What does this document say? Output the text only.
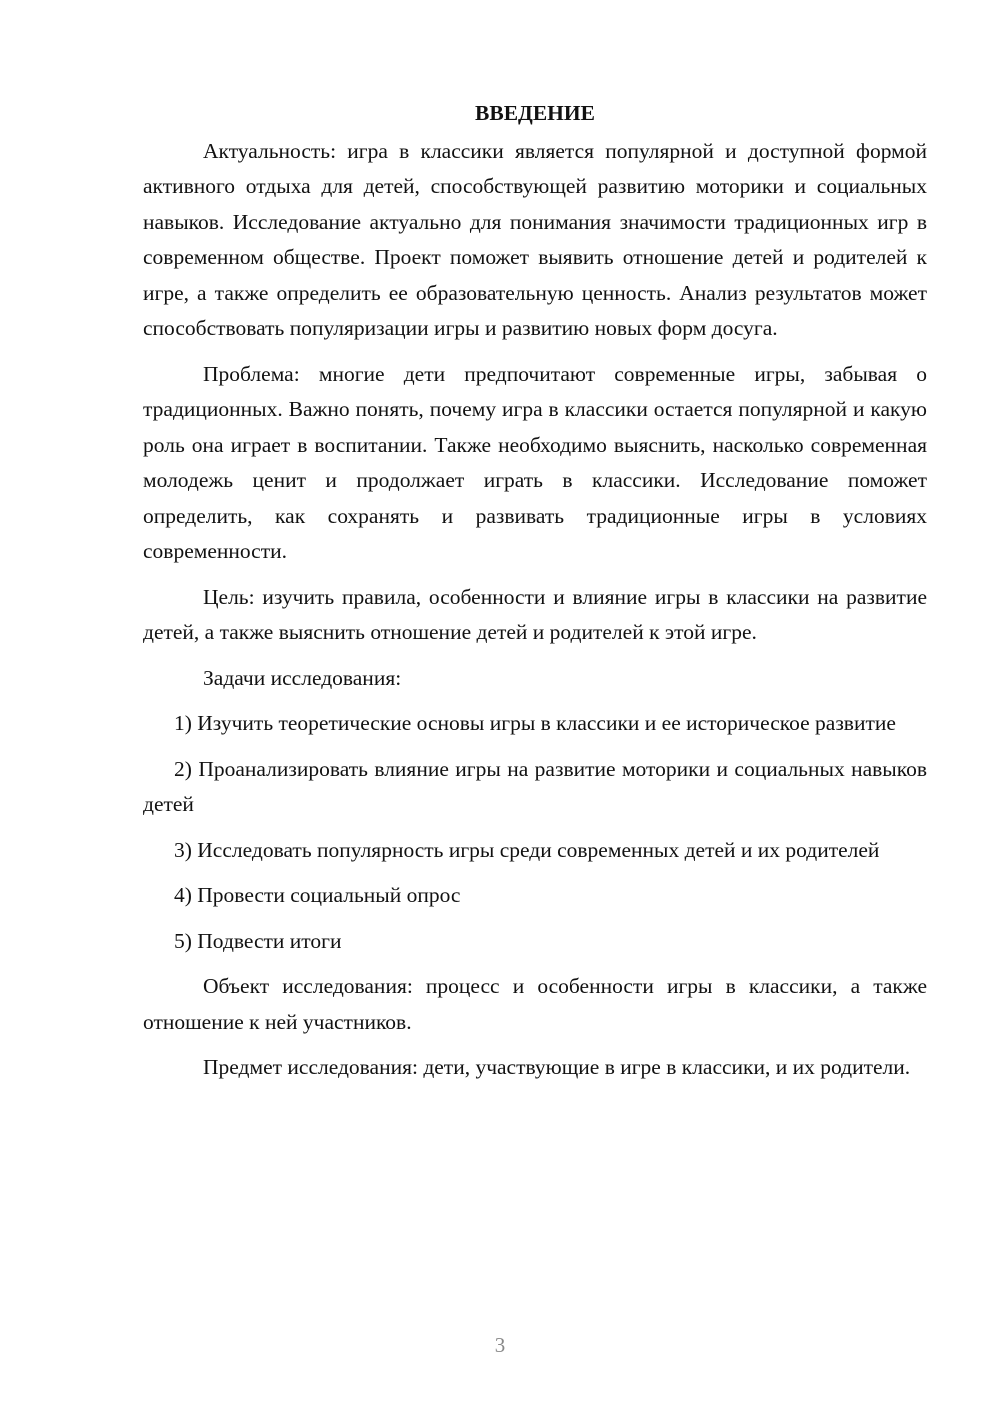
ВВЕДЕНИЕ

Актуальность: игра в классики является популярной и доступной формой активного отдыха для детей, способствующей развитию моторики и социальных навыков. Исследование актуально для понимания значимости традиционных игр в современном обществе. Проект поможет выявить отношение детей и родителей к игре, а также определить ее образовательную ценность. Анализ результатов может способствовать популяризации игры и развитию новых форм досуга.

Проблема: многие дети предпочитают современные игры, забывая о традиционных. Важно понять, почему игра в классики остается популярной и какую роль она играет в воспитании. Также необходимо выяснить, насколько современная молодежь ценит и продолжает играть в классики. Исследование поможет определить, как сохранять и развивать традиционные игры в условиях современности.

Цель: изучить правила, особенности и влияние игры в классики на развитие детей, а также выяснить отношение детей и родителей к этой игре.

Задачи исследования:

1) Изучить теоретические основы игры в классики и ее историческое развитие

2) Проанализировать влияние игры на развитие моторики и социальных навыков детей

3) Исследовать популярность игры среди современных детей и их родителей

4) Провести социальный опрос

5) Подвести итоги

Объект исследования: процесс и особенности игры в классики, а также отношение к ней участников.

Предмет исследования: дети, участвующие в игре в классики, и их родители.

3
